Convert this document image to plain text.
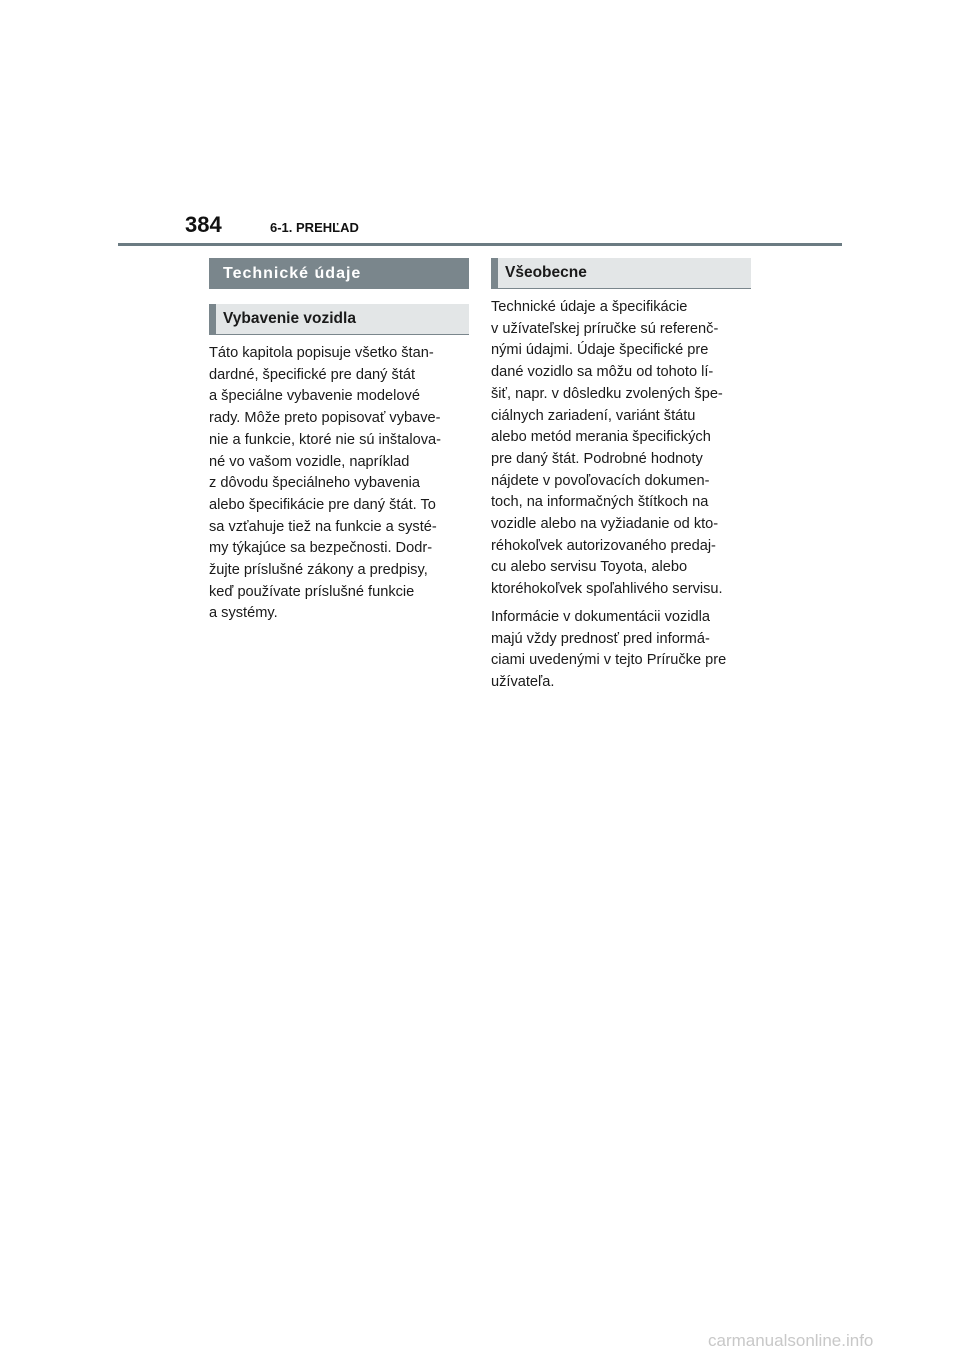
384	6-1. PREHĽAD
Technické údaje
Vybavenie vozidla

Táto kapitola popisuje všetko štan-
dardné, špecifické pre daný štát
a špeciálne vybavenie modelové
rady. Môže preto popisovať vybave-
nie a funkcie, ktoré nie sú inštalova-
né vo vašom vozidle, napríklad
z dôvodu špeciálneho vybavenia
alebo špecifikácie pre daný štát. To
sa vzťahuje tiež na funkcie a systé-
my týkajúce sa bezpečnosti. Dodr-
žujte príslušné zákony a predpisy,
keď používate príslušné funkcie
a systémy.

Všeobecne

Technické údaje a špecifikácie
v užívateľskej príručke sú referenč-
nými údajmi. Údaje špecifické pre
dané vozidlo sa môžu od tohoto lí-
šiť, napr. v dôsledku zvolených špe-
ciálnych zariadení, variánt štátu
alebo metód merania špecifických
pre daný štát. Podrobné hodnoty
nájdete v povoľovacích dokumen-
toch, na informačných štítkoch na
vozidle alebo na vyžiadanie od kto-
réhokoľvek autorizovaného predaj-
cu alebo servisu Toyota, alebo
ktoréhokoľvek spoľahlivého servisu.

Informácie v dokumentácii vozidla
majú vždy prednosť pred informá-
ciami uvedenými v tejto Príručke pre
užívateľa.

carmanualsonline.info
